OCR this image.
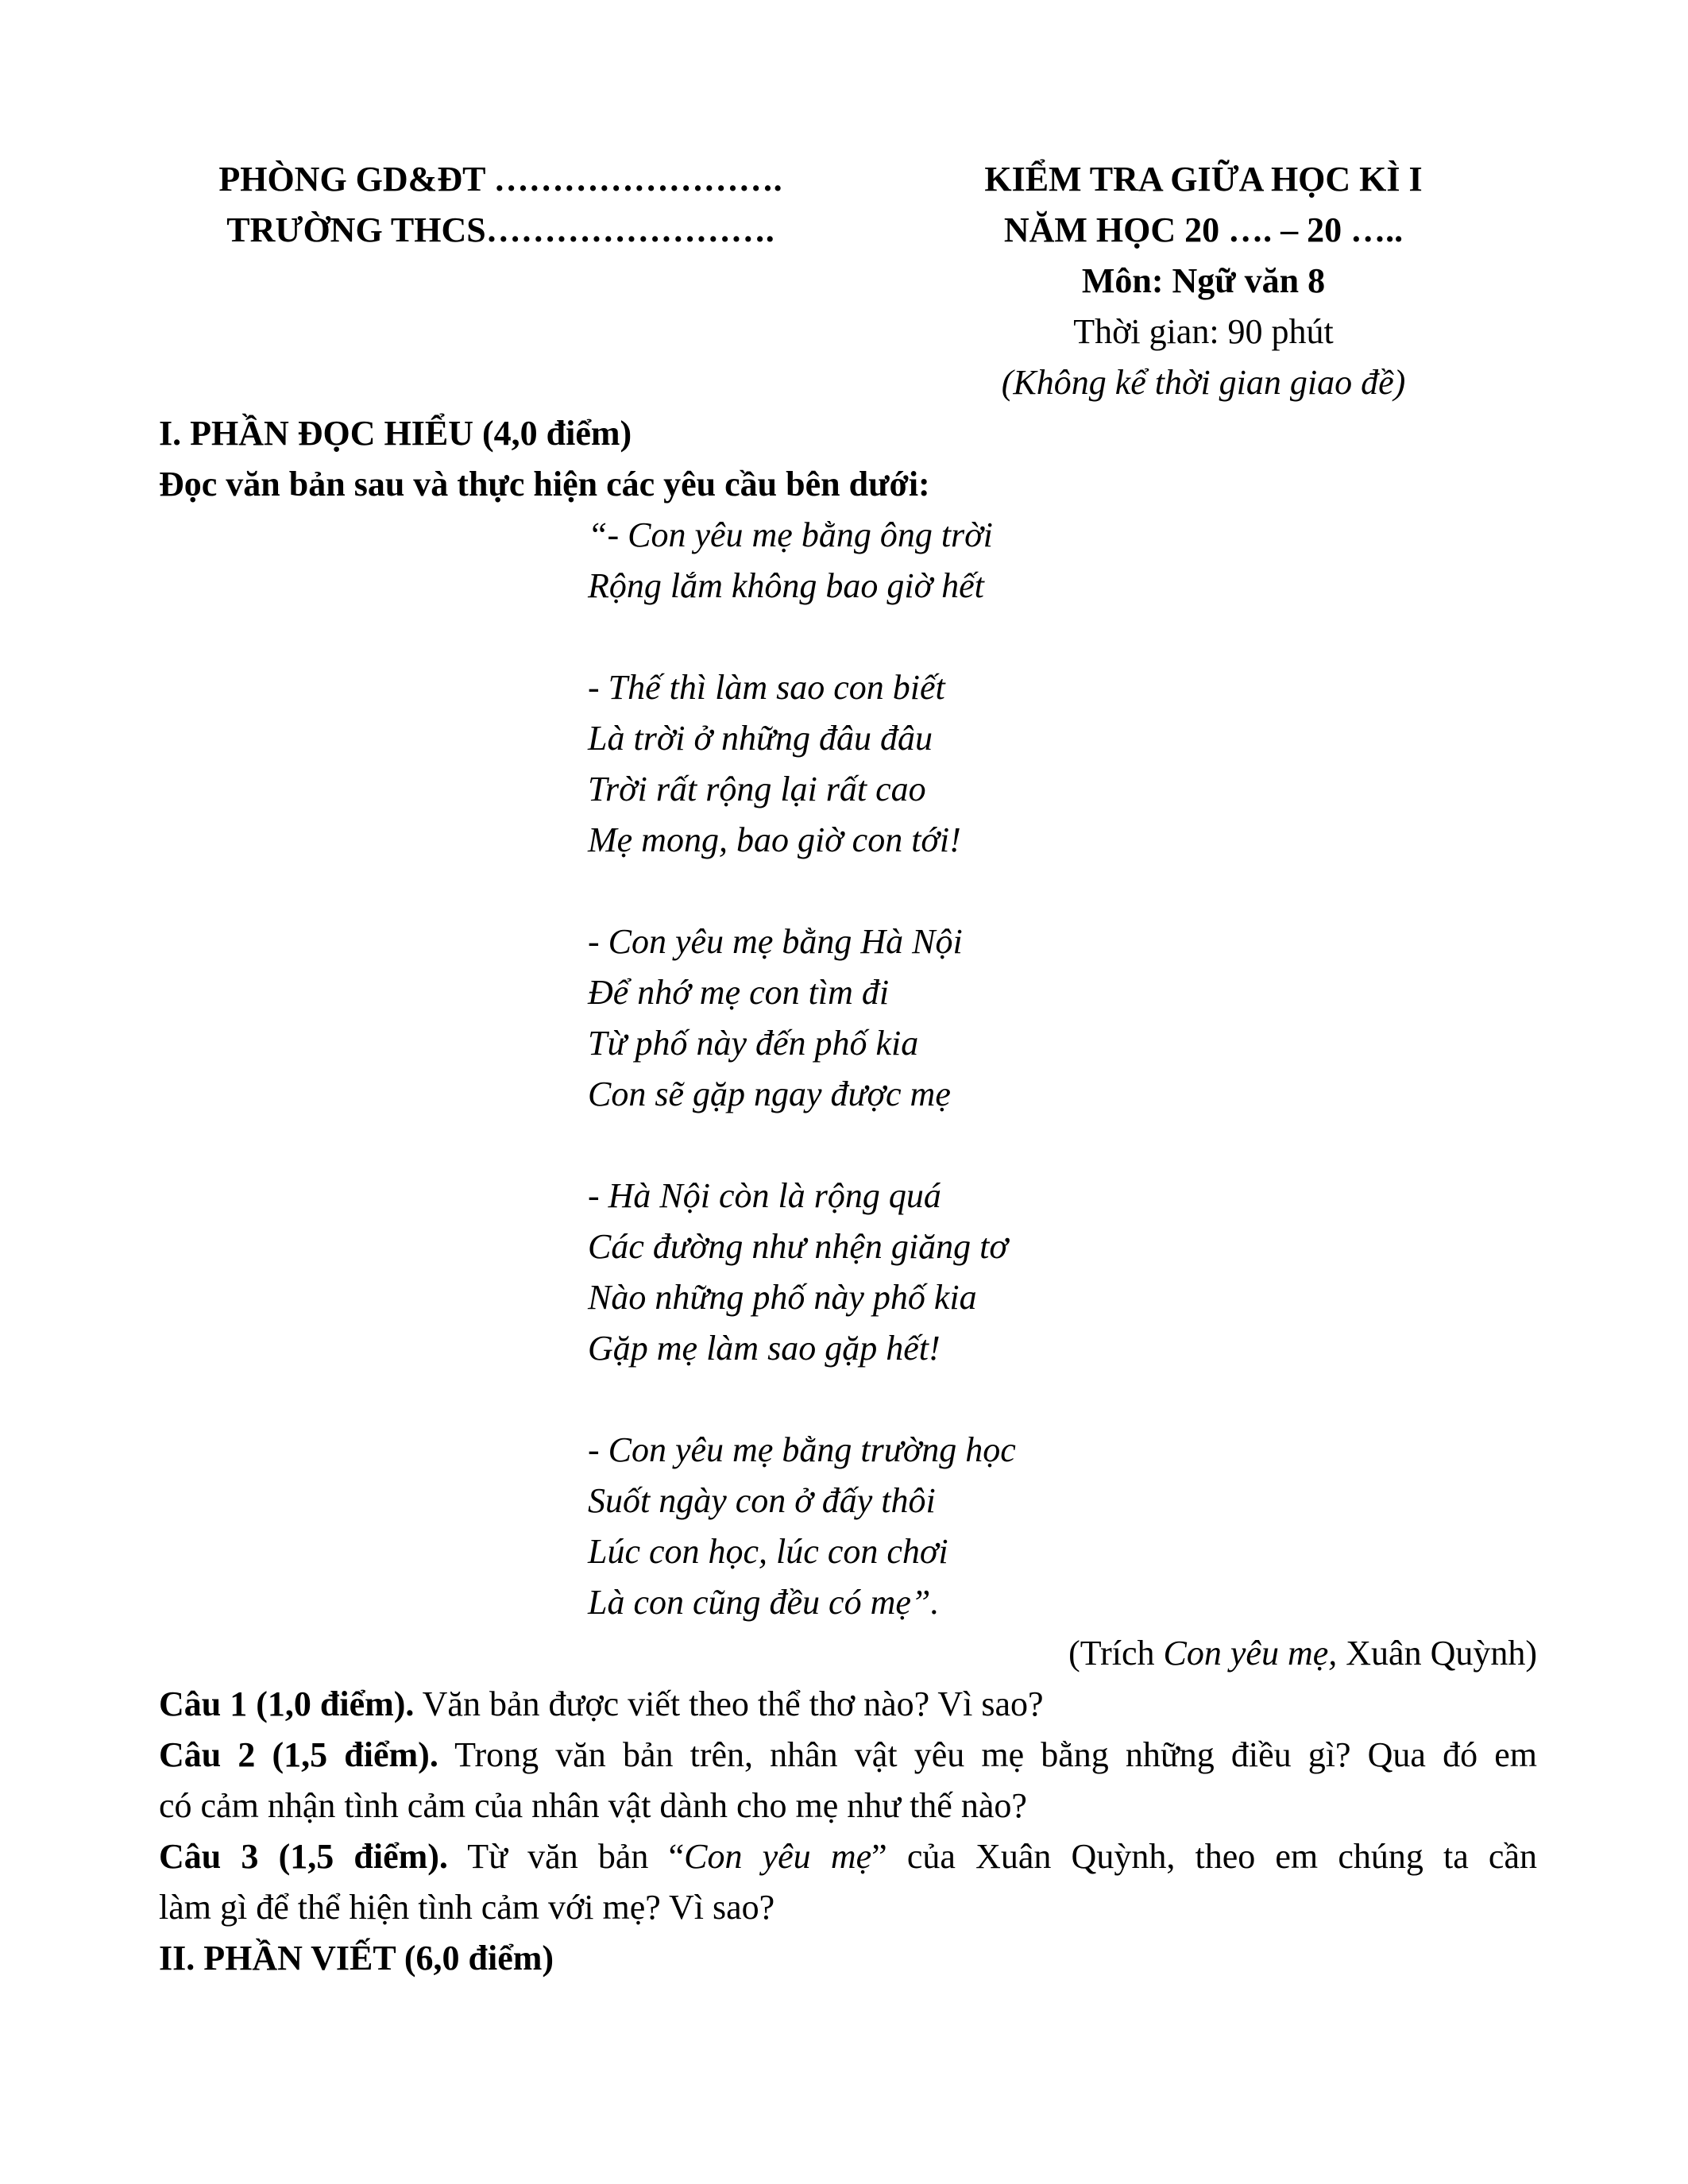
PHÒNG GD&ĐT …………………….
TRƯỜNG THCS…………………….
KIỂM TRA GIỮA HỌC KÌ I
NĂM HỌC 20 …. – 20 …..
Môn: Ngữ văn 8
Thời gian: 90 phút
(Không kể thời gian giao đề)
I. PHẦN ĐỌC HIỂU (4,0 điểm)
Đọc văn bản sau và thực hiện các yêu cầu bên dưới:
“- Con yêu mẹ bằng ông trời
Rộng lắm không bao giờ hết
- Thế thì làm sao con biết
Là trời ở những đâu đâu
Trời rất rộng lại rất cao
Mẹ mong, bao giờ con tới!
- Con yêu mẹ bằng Hà Nội
Để nhớ mẹ con tìm đi
Từ phố này đến phố kia
Con sẽ gặp ngay được mẹ
- Hà Nội còn là rộng quá
Các đường như nhện giăng tơ
Nào những phố này phố kia
Gặp mẹ làm sao gặp hết!
- Con yêu mẹ bằng trường học
Suốt ngày con ở đấy thôi
Lúc con học, lúc con chơi
Là con cũng đều có mẹ”.
(Trích Con yêu mẹ, Xuân Quỳnh)
Câu 1 (1,0 điểm). Văn bản được viết theo thể thơ nào? Vì sao?
Câu 2 (1,5 điểm). Trong văn bản trên, nhân vật yêu mẹ bằng những điều gì? Qua đó em
có cảm nhận tình cảm của nhân vật dành cho mẹ như thế nào?
Câu 3 (1,5 điểm). Từ văn bản “Con yêu mẹ” của Xuân Quỳnh, theo em chúng ta cần
làm gì để thể hiện tình cảm với mẹ? Vì sao?
II. PHẦN VIẾT (6,0 điểm)
